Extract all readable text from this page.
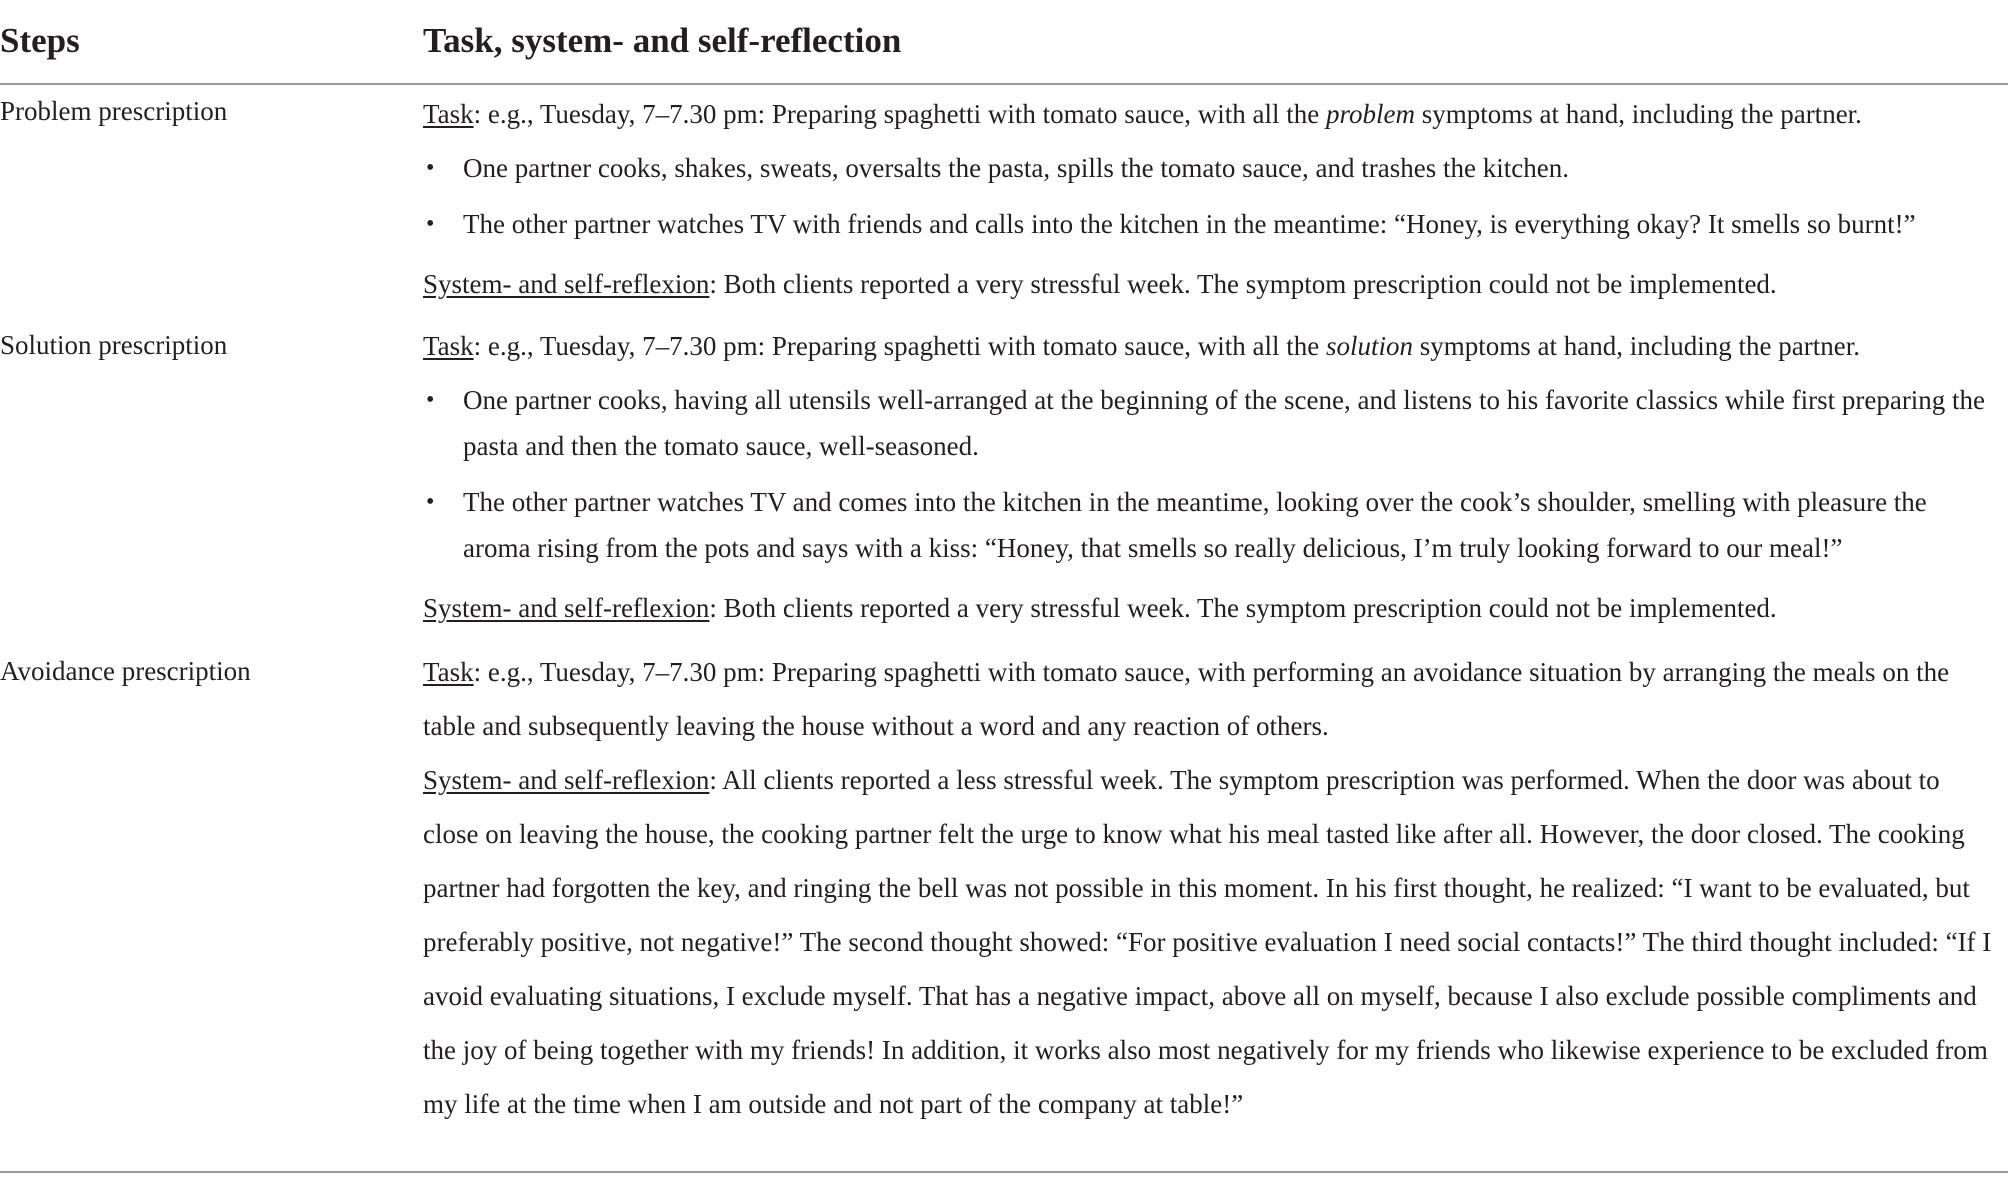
Steps	Task, system- and self-reflection
Problem prescription	Task: e.g., Tuesday, 7–7.30 pm: Preparing spaghetti with tomato sauce, with all the problem symptoms at hand, including the partner.

• One partner cooks, shakes, sweats, oversalts the pasta, spills the tomato sauce, and trashes the kitchen.
• The other partner watches TV with friends and calls into the kitchen in the meantime: “Honey, is everything okay? It smells so burnt!”

System- and self-reflexion: Both clients reported a very stressful week. The symptom prescription could not be implemented.

Solution prescription	Task: e.g., Tuesday, 7–7.30 pm: Preparing spaghetti with tomato sauce, with all the solution symptoms at hand, including the partner.

• One partner cooks, having all utensils well-arranged at the beginning of the scene, and listens to his favorite classics while first preparing the pasta and then the tomato sauce, well-seasoned.
• The other partner watches TV and comes into the kitchen in the meantime, looking over the cook’s shoulder, smelling with pleasure the aroma rising from the pots and says with a kiss: “Honey, that smells so really delicious, I’m truly looking forward to our meal!”

System- and self-reflexion: Both clients reported a very stressful week. The symptom prescription could not be implemented.

Avoidance prescription	Task: e.g., Tuesday, 7–7.30 pm: Preparing spaghetti with tomato sauce, with performing an avoidance situation by arranging the meals on the table and subsequently leaving the house without a word and any reaction of others.

System- and self-reflexion: All clients reported a less stressful week. The symptom prescription was performed. When the door was about to close on leaving the house, the cooking partner felt the urge to know what his meal tasted like after all. However, the door closed. The cooking partner had forgotten the key, and ringing the bell was not possible in this moment. In his first thought, he realized: “I want to be evaluated, but preferably positive, not negative!” The second thought showed: “For positive evaluation I need social contacts!” The third thought included: “If I avoid evaluating situations, I exclude myself. That has a negative impact, above all on myself, because I also exclude possible compliments and the joy of being together with my friends! In addition, it works also most negatively for my friends who likewise experience to be excluded from my life at the time when I am outside and not part of the company at table!”
